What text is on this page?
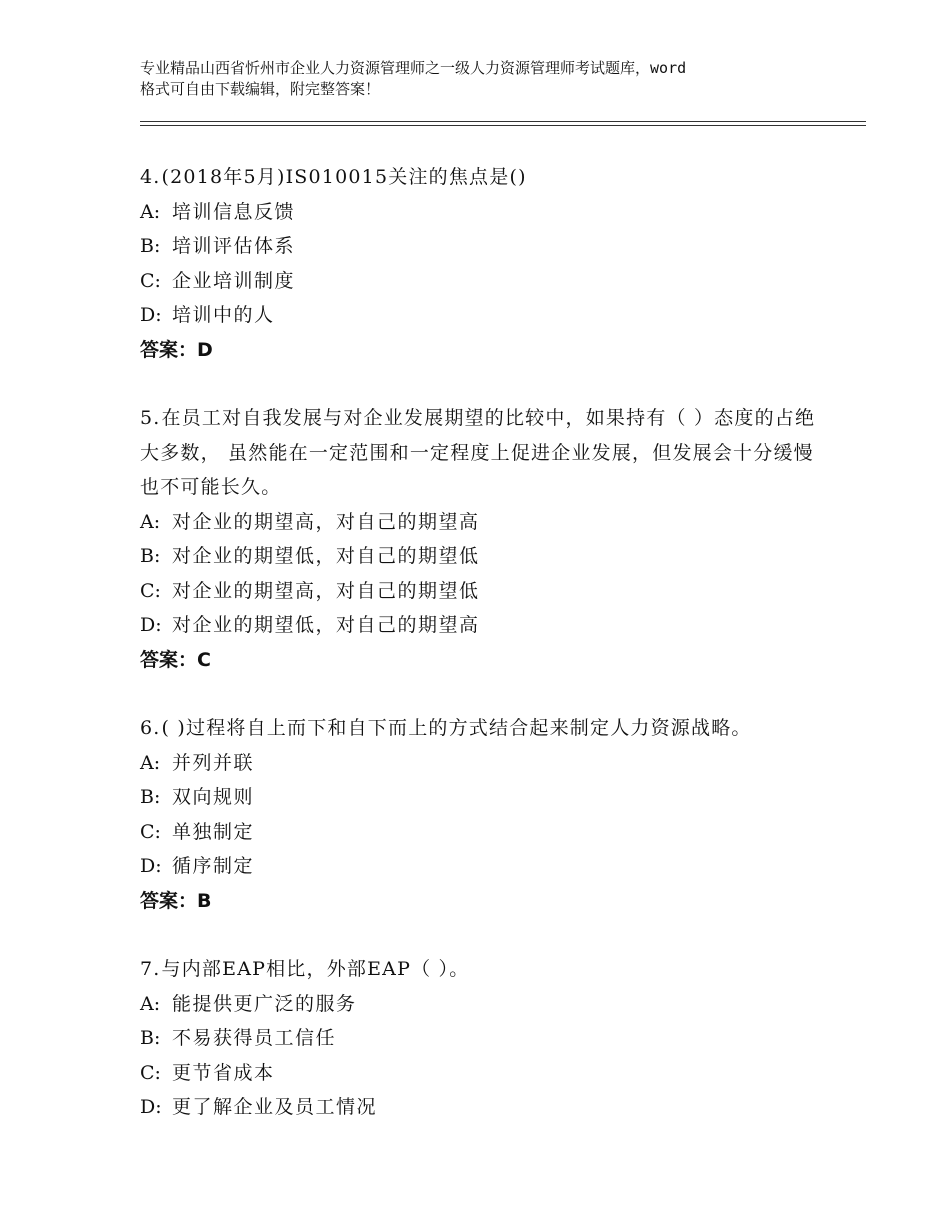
专业精品山西省忻州市企业人力资源管理师之一级人力资源管理师考试题库，word
格式可自由下载编辑，附完整答案！
4.(2018年5月)IS010015关注的焦点是()
A: 培训信息反馈
B: 培训评估体系
C: 企业培训制度
D: 培训中的人
答案：D
5.在员工对自我发展与对企业发展期望的比较中，如果持有（ ）态度的占绝大多数， 虽然能在一定范围和一定程度上促进企业发展，但发展会十分缓慢也不可能长久。
A: 对企业的期望高，对自己的期望高
B: 对企业的期望低，对自己的期望低
C: 对企业的期望高，对自己的期望低
D: 对企业的期望低，对自己的期望高
答案：C
6.( )过程将自上而下和自下而上的方式结合起来制定人力资源战略。
A: 并列并联
B: 双向规则
C: 单独制定
D: 循序制定
答案：B
7.与内部EAP相比，外部EAP（ ）。
A: 能提供更广泛的服务
B: 不易获得员工信任
C: 更节省成本
D: 更了解企业及员工情况
